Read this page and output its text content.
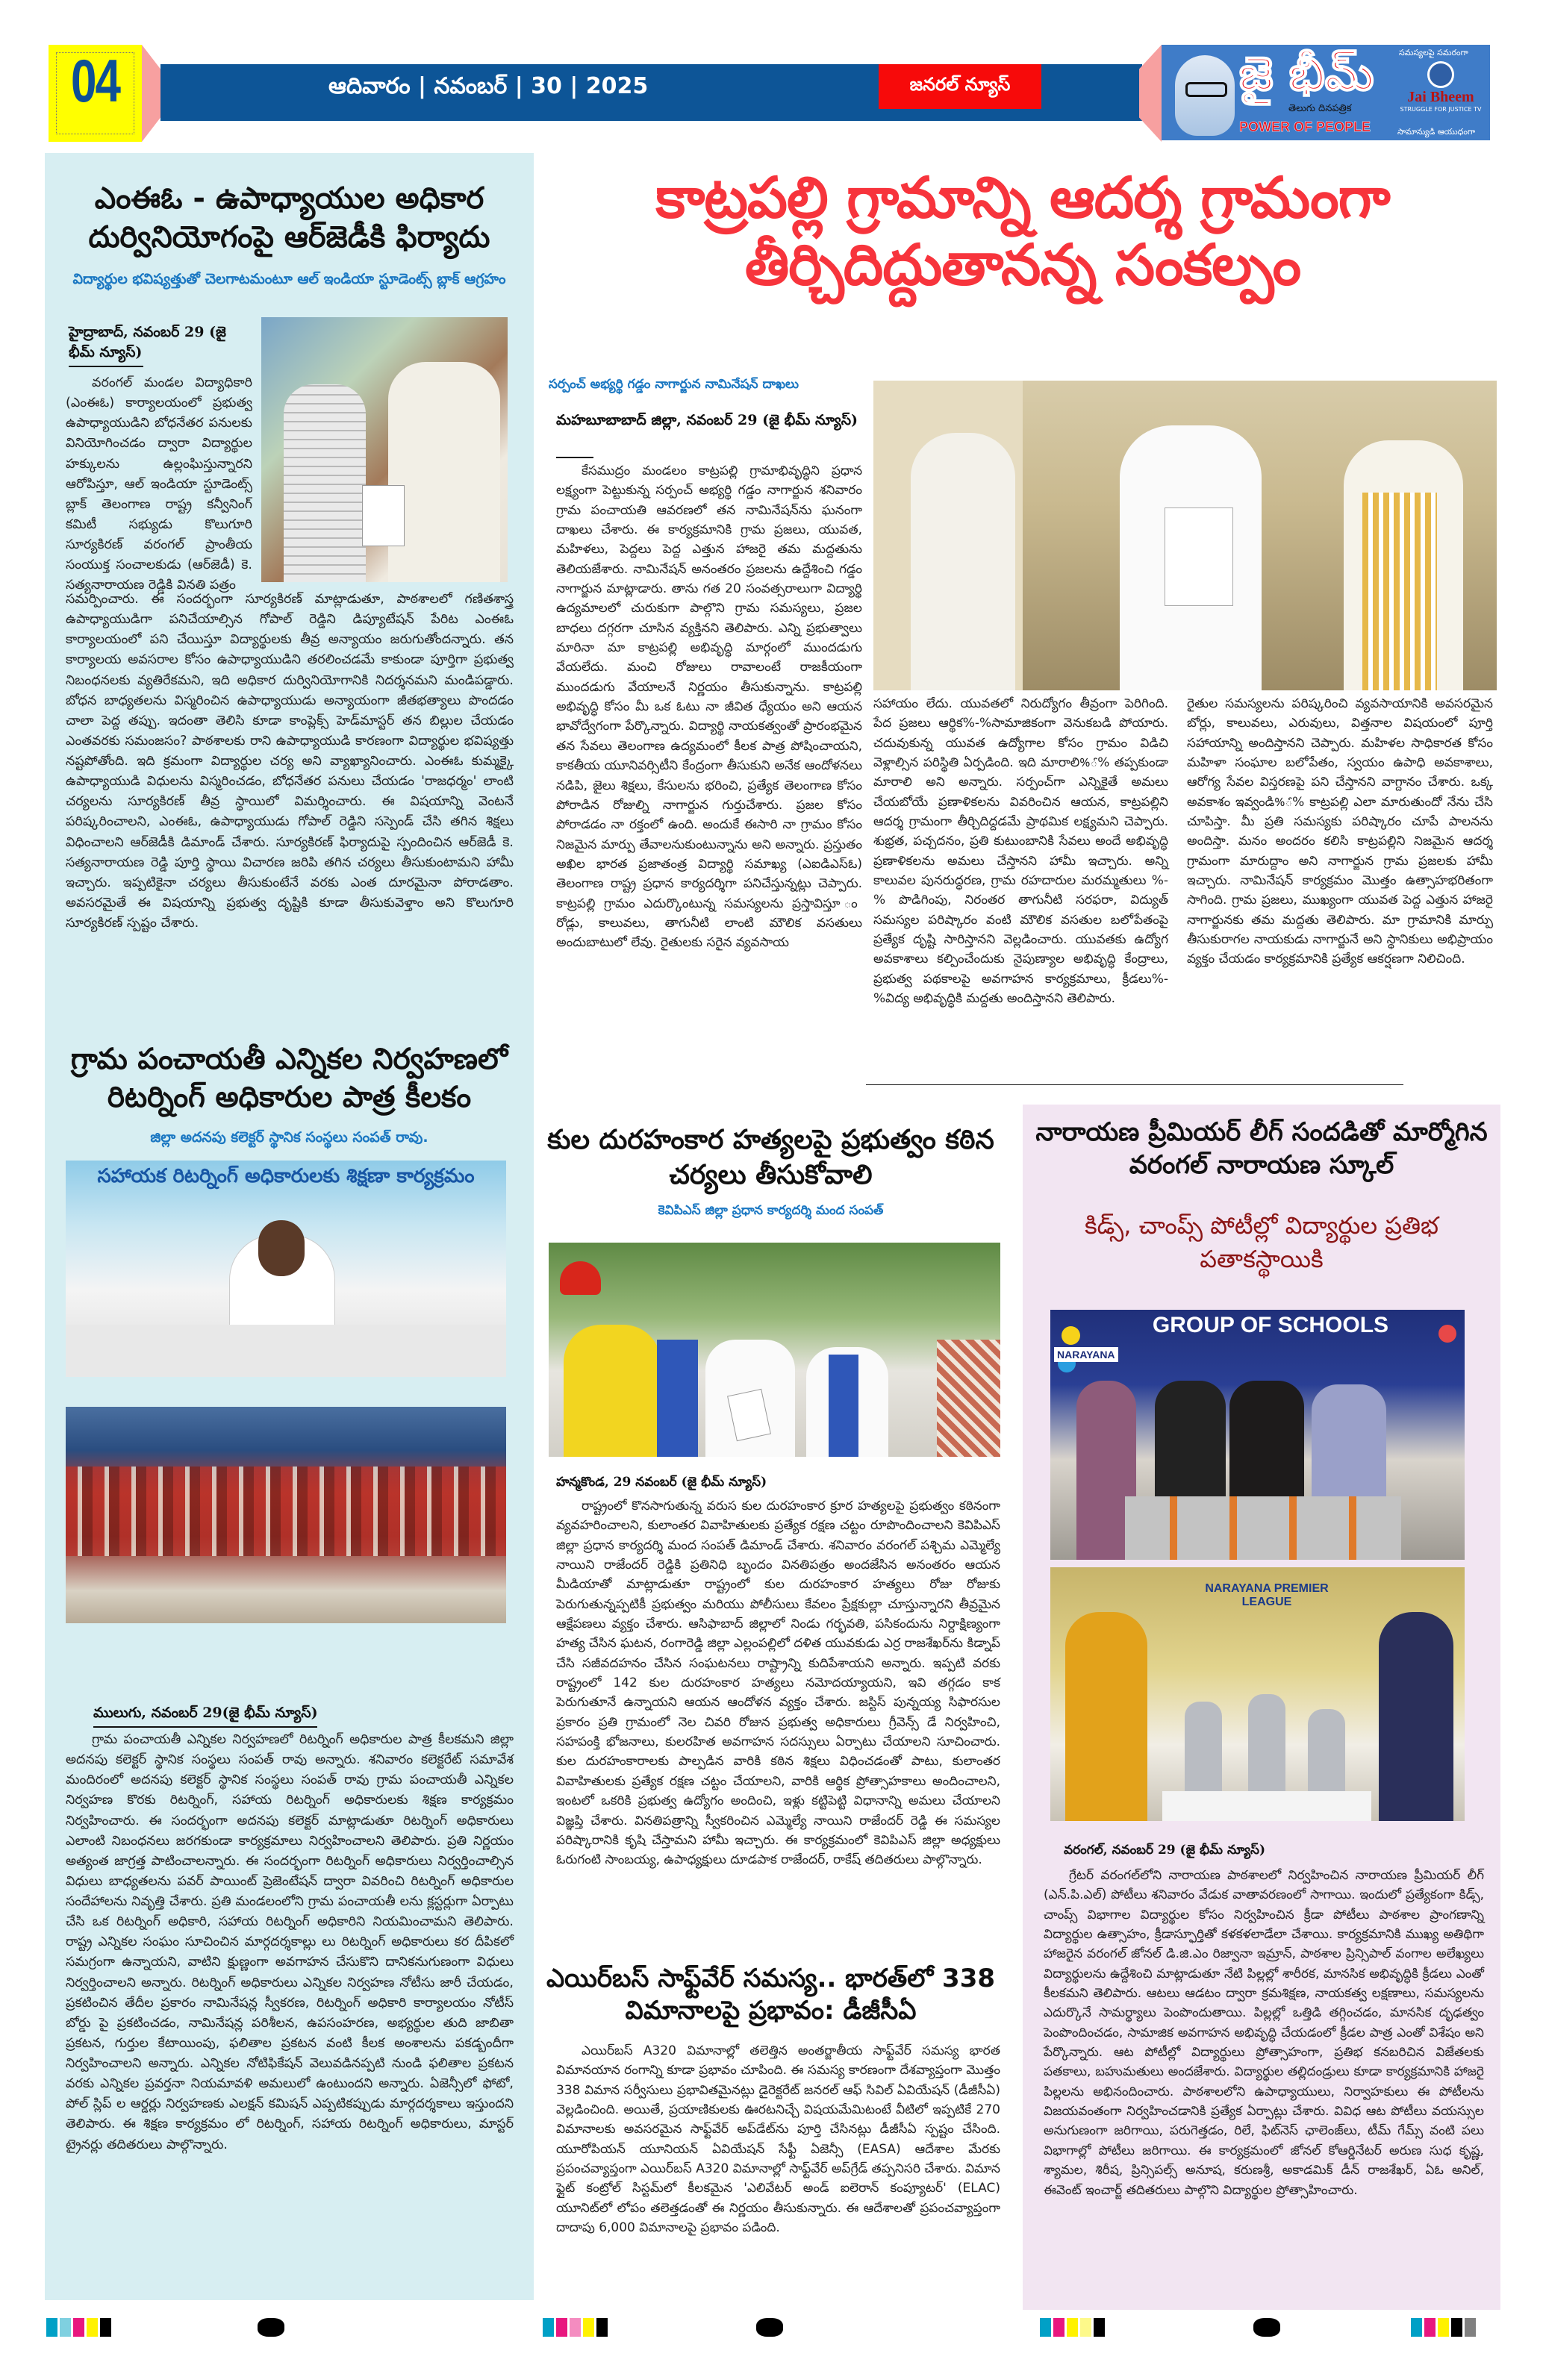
04	ఆదివారం | నవంబర్ | 30 | 2025	జనరల్ న్యూస్	జై భీమ్
తెలుగు దినపత్రిక
POWER OF PEOPLE
సమస్యలపై సమరంగా
Jai Bheem
STRUGGLE FOR JUSTICE TV
సామాన్యుడి ఆయుధంగా
ఎంఈఓ - ఉపాధ్యాయుల అధికార దుర్వినియోగంపై ఆర్‌జెడీకి ఫిర్యాదు
విద్యార్థుల భవిష్యత్తుతో చెలగాటమంటూ ఆల్ ఇండియా స్టూడెంట్స్ బ్లాక్ ఆగ్రహం
హైద్రాబాద్, నవంబర్ 29 (జై భీమ్ న్యూస్)

వరంగల్ మండల విద్యాధికారి (ఎంఈఓ) కార్యాలయంలో ప్రభుత్వ ఉపాధ్యాయుడిని బోధనేతర పనులకు వినియోగించడం ద్వారా విద్యార్థుల హక్కులను ఉల్లంఘిస్తున్నారని ఆరోపిస్తూ, ఆల్ ఇండియా స్టూడెంట్స్ బ్లాక్ తెలంగాణ రాష్ట్ర కన్వీనింగ్ కమిటీ సభ్యుడు కొలుగూరి సూర్యకిరణ్ వరంగల్ ప్రాంతీయ సంయుక్త సంచాలకుడు (ఆర్‌జెడీ) కె. సత్యనారాయణ రెడ్డికి వినతి పత్రం

సమర్పించారు. ఈ సందర్భంగా సూర్యకిరణ్ మాట్లాడుతూ, పాఠశాలలో గణితశాస్త్ర ఉపాధ్యాయుడిగా పనిచేయాల్సిన గోపాల్ రెడ్డిని డిప్యూటేషన్ పేరిట ఎంఈఓ కార్యాలయంలో పని చేయిస్తూ విద్యార్థులకు తీవ్ర అన్యాయం జరుగుతోందన్నారు. తన కార్యాలయ అవసరాల కోసం ఉపాధ్యాయుడిని తరలించడమే కాకుండా పూర్తిగా ప్రభుత్వ నిబంధనలకు వ్యతిరేకమని, ఇది అధికార దుర్వినియోగానికి నిదర్శనమని మండిపడ్డారు. బోధన బాధ్యతలను విస్మరించిన ఉపాధ్యాయుడు అన్యాయంగా జీతభత్యాలు పొందడం చాలా పెద్ద తప్పు. ఇదంతా తెలిసి కూడా కాంప్లెక్స్ హెడ్‌మాస్టర్ తన బిల్లుల చేయడం ఎంతవరకు సమంజసం? పాఠశాలకు రాని ఉపాధ్యాయుడి కారణంగా విద్యార్థుల భవిష్యత్తు నష్టపోతోంది. ఇది క్రమంగా విద్యార్థుల చర్య అని వ్యాఖ్యానించారు. ఎంఈఓ కుమ్మక్కై ఉపాధ్యాయుడి విధులను విస్మరించడం, బోధనేతర పనులు చేయడం 'రాజధర్మం' లాంటి చర్యలను సూర్యకిరణ్ తీవ్ర స్థాయిలో విమర్శించారు. ఈ విషయాన్ని వెంటనే పరిష్కరించాలని, ఎంఈఓ, ఉపాధ్యాయుడు గోపాల్ రెడ్డిని సస్పెండ్ చేసి తగిన శిక్షలు విధించాలని ఆర్‌జెడీకి డిమాండ్ చేశారు. సూర్యకిరణ్ ఫిర్యాదుపై స్పందించిన ఆర్‌జెడీ కె. సత్యనారాయణ రెడ్డి పూర్తి స్థాయి విచారణ జరిపి తగిన చర్యలు తీసుకుంటామని హామీ ఇచ్చారు. ఇప్పటికైనా చర్యలు తీసుకుంటేనే వరకు ఎంత దూరమైనా పోరాడతాం. అవసరమైతే ఈ విషయాన్ని ప్రభుత్వ దృష్టికి కూడా తీసుకువెళ్తాం అని కొలుగూరి సూర్యకిరణ్ స్పష్టం చేశారు.

గ్రామ పంచాయతీ ఎన్నికల నిర్వహణలో రిటర్నింగ్ అధికారుల పాత్ర కీలకం
జిల్లా అదనపు కలెక్టర్ స్థానిక సంస్థలు సంపత్ రావు.
సహాయక రిటర్నింగ్ అధికారులకు శిక్షణా కార్యక్రమం
ములుగు, నవంబర్ 29(జై భీమ్ న్యూస్)

గ్రామ పంచాయతీ ఎన్నికల నిర్వహణలో రిటర్నింగ్ అధికారుల పాత్ర కీలకమని జిల్లా అదనపు కలెక్టర్ స్థానిక సంస్థలు సంపత్ రావు అన్నారు. శనివారం కలెక్టరేట్ సమావేశ మందిరంలో అదనపు కలెక్టర్ స్థానిక సంస్థలు సంపత్ రావు గ్రామ పంచాయతీ ఎన్నికల నిర్వహణ కొరకు రిటర్నింగ్, సహాయ రిటర్నింగ్ అధికారులకు శిక్షణ కార్యక్రమం నిర్వహించారు. ఈ సందర్భంగా అదనపు కలెక్టర్ మాట్లాడుతూ రిటర్నింగ్ అధికారులు ఎలాంటి నిబంధనలు జరగకుండా కార్యక్రమాలు నిర్వహించాలని తెలిపారు. ప్రతి నిర్ణయం అత్యంత జాగ్రత్త పాటించాలన్నారు. ఈ సందర్భంగా రిటర్నింగ్ అధికారులు నిర్వర్తించాల్సిన విధులు బాధ్యతలను పవర్ పాయింట్ ప్రెజెంటేషన్ ద్వారా వివరించి రిటర్నింగ్ అధికారుల సందేహాలను నివృత్తి చేశారు. ప్రతి మండలంలోని గ్రామ పంచాయతీ లను క్లస్టర్లుగా ఏర్పాటు చేసి ఒక రిటర్నింగ్ అధికారి, సహాయ రిటర్నింగ్ అధికారిని నియమించామని తెలిపారు. రాష్ట్ర ఎన్నికల సంఘం సూచించిన మార్గదర్శకాల్లు లు రిటర్నింగ్ అధికారులు కర దీపికలో సమగ్రంగా ఉన్నాయని, వాటిని క్షుణ్ణంగా అవగాహన చేసుకొని దానికనుగుణంగా విధులు నిర్వర్తించాలని అన్నారు. రిటర్నింగ్ అధికారులు ఎన్నికల నిర్వహణ నోటీసు జారీ చేయడం, ప్రకటించిన తేదీల ప్రకారం నామినేషన్ల స్వీకరణ, రిటర్నింగ్ అధికారి కార్యాలయం నోటీస్ బోర్డు పై ప్రకటించడం, నామినేషన్ల పరిశీలన, ఉపసంహరణ, అభ్యర్థుల తుది జాబితా ప్రకటన, గుర్తుల కేటాయింపు, ఫలితాల ప్రకటన వంటి కీలక అంశాలను పకడ్బందీగా నిర్వహించాలని అన్నారు. ఎన్నికల నోటిఫికేషన్ వెలువడినప్పటి నుండి ఫలితాల ప్రకటన వరకు ఎన్నికల ప్రవర్తనా నియమావళి అమలులో ఉంటుందని అన్నారు. ఏజెన్సీలో ఫోటో, పోల్ స్లిప్ ల ఆర్డర్లు నిర్వహణకు ఎలక్షన్ కమిషన్ ఎప్పటికప్పుడు మార్గదర్శకాలు ఇస్తుందని తెలిపారు. ఈ శిక్షణ కార్యక్రమం లో రిటర్నింగ్, సహాయ రిటర్నింగ్ అధికారులు, మాస్టర్ ట్రైనర్లు తదితరులు పాల్గొన్నారు.

కాట్రపల్లి గ్రామాన్ని ఆదర్శ గ్రామంగా తీర్చిదిద్దుతానన్న సంకల్పం
సర్పంచ్ అభ్యర్థి గడ్డం నాగార్జున నామినేషన్ దాఖలు
మహబూబాబాద్ జిల్లా, నవంబర్ 29 (జై భీమ్ న్యూస్)

కేసముద్రం మండలం కాట్రపల్లి గ్రామాభివృద్ధిని ప్రధాన లక్ష్యంగా పెట్టుకున్న సర్పంచ్ అభ్యర్థి గడ్డం నాగార్జున శనివారం గ్రామ పంచాయతి ఆవరణలో తన నామినేషన్‌ను ఘనంగా దాఖలు చేశారు. ఈ కార్యక్రమానికి గ్రామ ప్రజలు, యువత, మహిళలు, పెద్దలు పెద్ద ఎత్తున హాజరై తమ మద్దతును తెలియజేశారు. నామినేషన్ అనంతరం ప్రజలను ఉద్దేశించి గడ్డం నాగార్జున మాట్లాడారు. తాను గత 20 సంవత్సరాలుగా విద్యార్థి ఉద్యమాలలో చురుకుగా పాల్గొని గ్రామ సమస్యలు, ప్రజల బాధలు దగ్గరగా చూసిన వ్యక్తినని తెలిపారు. ఎన్ని ప్రభుత్వాలు మారినా మా కాట్రపల్లి అభివృద్ధి మార్గంలో ముందడుగు వేయలేదు. మంచి రోజులు రావాలంటే రాజకీయంగా ముందడుగు వేయాలనే నిర్ణయం తీసుకున్నాను. కాట్రపల్లి అభివృద్ధి కోసం మీ ఒక ఓటు నా జీవిత ధ్యేయం అని ఆయన భావోద్వేగంగా పేర్కొన్నారు. విద్యార్థి నాయకత్వంతో ప్రారంభమైన తన సేవలు తెలంగాణ ఉద్యమంలో కీలక పాత్ర పోషించాయని, కాకతీయ యూనివర్సిటీని కేంద్రంగా తీసుకుని అనేక ఆందోళనలు నడిపి, జైలు శిక్షలు, కేసులను భరించి, ప్రత్యేక తెలంగాణ కోసం పోరాడిన రోజుల్ని నాగార్జున గుర్తుచేశారు. ప్రజల కోసం పోరాడడం నా రక్తంలో ఉంది. అందుకే ఈసారి నా గ్రామం కోసం నిజమైన మార్పు తేవాలనుకుంటున్నాను అని అన్నారు. ప్రస్తుతం అఖిల భారత ప్రజాతంత్ర విద్యార్థి సమాఖ్య (ఎఐడిఎస్ఓ) తెలంగాణ రాష్ట్ర ప్రధాన కార్యదర్శిగా పనిచేస్తున్నట్లు చెప్పారు. కాట్రపల్లి గ్రామం ఎదుర్కొంటున్న సమస్యలను ప్రస్తావిస్తూ ం రోడ్లు, కాలువలు, తాగునీటి లాంటి మౌలిక వసతులు అందుబాటులో లేవు. రైతులకు సరైన వ్యవసాయ

సహాయం లేదు. యువతలో నిరుద్యోగం తీవ్రంగా పెరిగింది. పేద ప్రజలు ఆర్థిక%-%సామాజికంగా వెనుకబడి పోయారు. చదువుకున్న యువత ఉద్యోగాల కోసం గ్రామం విడిచి వెళ్లాల్సిన పరిస్థితి ఏర్పడింది. ఇది మారాలి%ౕ% తప్పకుండా మారాలి అని అన్నారు. సర్పంచ్‌గా ఎన్నికైతే అమలు చేయబోయే ప్రణాళికలను వివరించిన ఆయన, కాట్రపల్లిని ఆదర్శ గ్రామంగా తీర్చిదిద్దడమే ప్రాథమిక లక్ష్యమని చెప్పారు. శుభ్రత, పచ్చదనం, ప్రతి కుటుంబానికి సేవలు అందే అభివృద్ధి ప్రణాళికలను అమలు చేస్తానని హామీ ఇచ్చారు. అన్ని కాలువల పునరుద్ధరణ, గ్రామ రహదారుల మరమ్మతులు %-% పొడిగింపు, నిరంతర తాగునీటి సరఫరా, విద్యుత్ సమస్యల పరిష్కారం వంటి మౌలిక వసతుల బలోపేతంపై ప్రత్యేక దృష్టి సారిస్తానని వెల్లడించారు. యువతకు ఉద్యోగ అవకాశాలు కల్పించేందుకు నైపుణ్యాల అభివృద్ధి కేంద్రాలు, ప్రభుత్వ పథకాలపై అవగాహన కార్యక్రమాలు, క్రీడలు%-%విద్య అభివృద్ధికి మద్దతు అందిస్తానని తెలిపారు.

రైతుల సమస్యలను పరిష్కరించి వ్యవసాయానికి అవసరమైన బోర్లు, కాలువలు, ఎరువులు, విత్తనాల విషయంలో పూర్తి సహాయాన్ని అందిస్తానని చెప్పారు. మహిళల సాధికారత కోసం మహిళా సంఘాల బలోపేతం, స్వయం ఉపాధి అవకాశాలు, ఆరోగ్య సేవల విస్తరణపై పని చేస్తానని వాగ్దానం చేశారు. ఒక్క అవకాశం ఇవ్వండి%ౕ% కాట్రపల్లి ఎలా మారుతుందో నేను చేసి చూపిస్తా. మీ ప్రతి సమస్యకు పరిష్కారం చూపే పాలనను అందిస్తా. మనం అందరం కలిసి కాట్రపల్లిని నిజమైన ఆదర్శ గ్రామంగా మారుద్దాం అని నాగార్జున గ్రామ ప్రజలకు హామీ ఇచ్చారు. నామినేషన్ కార్యక్రమం మొత్తం ఉత్సాహభరితంగా సాగింది. గ్రామ ప్రజలు, ముఖ్యంగా యువత పెద్ద ఎత్తున హాజరై నాగార్జునకు తమ మద్దతు తెలిపారు. మా గ్రామానికి మార్పు తీసుకురాగల నాయకుడు నాగార్జునే అని స్థానికులు అభిప్రాయం వ్యక్తం చేయడం కార్యక్రమానికి ప్రత్యేక ఆకర్షణగా నిలిచింది.

కుల దురహంకార హత్యలపై ప్రభుత్వం కఠిన చర్యలు తీసుకోవాలి
కెవిపిఎస్ జిల్లా ప్రధాన కార్యదర్శి మంద సంపత్
హన్మకొండ, 29 నవంబర్ (జై భీమ్ న్యూస్)

రాష్ట్రంలో కొనసాగుతున్న వరుస కుల దురహంకార క్రూర హత్యలపై ప్రభుత్వం కఠినంగా వ్యవహరించాలని, కులాంతర వివాహితులకు ప్రత్యేక రక్షణ చట్టం రూపొందించాలని కెవిపిఎస్ జిల్లా ప్రధాన కార్యదర్శి మంద సంపత్ డిమాండ్ చేశారు. శనివారం వరంగల్ పశ్చిమ ఎమ్మెల్యే నాయిని రాజేందర్ రెడ్డికి ప్రతినిధి బృందం వినతిపత్రం అందజేసిన అనంతరం ఆయన మీడియాతో మాట్లాడుతూ రాష్ట్రంలో కుల దురహంకార హత్యలు రోజు రోజుకు పెరుగుతున్నప్పటికీ ప్రభుత్వం మరియు పోలీసులు కేవలం ప్రేక్షకుల్లా చూస్తున్నారని తీవ్రమైన ఆక్షేపణలు వ్యక్తం చేశారు. ఆసిఫాబాద్ జిల్లాలో నిండు గర్భవతి, పసికందును నిర్దాక్షిణ్యంగా హత్య చేసిన ఘటన, రంగారెడ్డి జిల్లా ఎల్లంపల్లిలో దళిత యువకుడు ఎర్ర రాజశేఖర్‌ను కిడ్నాప్ చేసి సజీవదహనం చేసిన సంఘటనలు రాష్ట్రాన్ని కుదిపేశాయని అన్నారు. ఇప్పటి వరకు రాష్ట్రంలో 142 కుల దురహంకార హత్యలు నమోదయ్యాయని, ఇవి తగ్గడం కాక పెరుగుతూనే ఉన్నాయని ఆయన ఆందోళన వ్యక్తం చేశారు. జస్టిస్ పున్నయ్య సిఫారసుల ప్రకారం ప్రతి గ్రామంలో నెల చివరి రోజున ప్రభుత్వ అధికారులు గ్రీవెన్స్ డే నిర్వహించి, సహపంక్తి భోజనాలు, కులరహిత అవగాహన సదస్సులు ఏర్పాటు చేయాలని సూచించారు. కుల దురహంకారాలకు పాల్పడిన వారికి కఠిన శిక్షలు విధించడంతో పాటు, కులాంతర వివాహితులకు ప్రత్యేక రక్షణ చట్టం చేయాలని, వారికి ఆర్థిక ప్రోత్సాహకాలు అందించాలని, ఇంటలో ఒకరికి ప్రభుత్వ ఉద్యోగం అందించి, ఇళ్లు కట్టిపెట్టి విధానాన్ని అమలు చేయాలని విజ్ఞప్తి చేశారు. వినతిపత్రాన్ని స్వీకరించిన ఎమ్మెల్యే నాయిని రాజేందర్ రెడ్డి ఈ సమస్యల పరిష్కారానికి కృషి చేస్తామని హామీ ఇచ్చారు. ఈ కార్యక్రమంలో కెవిపిఎస్ జిల్లా అధ్యక్షులు ఓరుగంటి సాంబయ్య, ఉపాధ్యక్షులు దూడపాక రాజేందర్, రాకేష్ తదితరులు పాల్గొన్నారు.

ఎయిర్‌బస్ సాఫ్ట్‌వేర్ సమస్య.. భారత్‌లో 338 విమానాలపై ప్రభావం: డీజీసీఏ

ఎయిర్‌బస్ A320 విమానాల్లో తలెత్తిన అంతర్జాతీయ సాఫ్ట్‌వేర్ సమస్య భారత విమానయాన రంగాన్ని కూడా ప్రభావం చూపింది. ఈ సమస్య కారణంగా దేశవ్యాప్తంగా మొత్తం 338 విమాన సర్వీసులు ప్రభావితమైనట్లు డైరెక్టరేట్ జనరల్ ఆఫ్ సివిల్ ఏవియేషన్ (డీజీసీఏ) వెల్లడించింది. అయితే, ప్రయాణికులకు ఊరటనిచ్చే విషయమేమిటంటే వీటిలో ఇప్పటికే 270 విమానాలకు అవసరమైన సాఫ్ట్‌వేర్ అప్‌డేట్‌ను పూర్తి చేసినట్లు డీజీసీఏ స్పష్టం చేసింది. యూరోపియన్ యూనియన్ ఏవియేషన్ సేఫ్టీ ఏజెన్సీ (EASA) ఆదేశాల మేరకు ప్రపంచవ్యాప్తంగా ఎయిర్‌బస్ A320 విమానాల్లో సాఫ్ట్‌వేర్ అప్‌గ్రేడ్ తప్పనిసరి చేశారు. విమాన ఫ్లైట్ కంట్రోల్ సిస్టమ్‌లో కీలకమైన 'ఎలివేటర్ అండ్ ఐలెరాన్ కంప్యూటర్' (ELAC) యూనిట్‌లో లోపం తలెత్తడంతో ఈ నిర్ణయం తీసుకున్నారు. ఈ ఆదేశాలతో ప్రపంచవ్యాప్తంగా దాదాపు 6,000 విమానాలపై ప్రభావం పడింది.

నారాయణ ప్రీమియర్ లీగ్ సందడితో మార్మోగిన వరంగల్ నారాయణ స్కూల్
కిడ్స్, చాంప్స్ పోటీల్లో విద్యార్థుల ప్రతిభ పతాకస్థాయికి
NARAYANA
GROUP OF SCHOOLS
NARAYANA PREMIER LEAGUE
వరంగల్, నవంబర్ 29 (జై భీమ్ న్యూస్)

గ్రేటర్ వరంగల్‌లోని నారాయణ పాఠశాలలో నిర్వహించిన నారాయణ ప్రీమియర్ లీగ్ (ఎన్.పి.ఎల్) పోటీలు శనివారం వేడుక వాతావరణంలో సాగాయి. ఇందులో ప్రత్యేకంగా కిడ్స్, చాంప్స్ విభాగాల విద్యార్థుల కోసం నిర్వహించిన క్రీడా పోటీలు పాఠశాల ప్రాంగణాన్ని విద్యార్థుల ఉత్సాహం, క్రీడాస్ఫూర్తితో కళకళలాడేలా చేశాయి. కార్యక్రమానికి ముఖ్య అతిథిగా హాజరైన వరంగల్ జోనల్ డి.జి.ఎం రిజ్వానా ఇమ్రాన్, పాఠశాల ప్రిన్సిపాల్ వంగాల అలేఖ్యలు విద్యార్థులను ఉద్దేశించి మాట్లాడుతూ నేటి పిల్లల్లో శారీరక, మానసిక అభివృద్ధికి క్రీడలు ఎంతో కీలకమని తెలిపారు. ఆటలు ఆడటం ద్వారా క్రమశిక్షణ, నాయకత్వ లక్షణాలు, సమస్యలను ఎదుర్కొనే సామర్థ్యాలు పెంపొందుతాయి. పిల్లల్లో ఒత్తిడి తగ్గించడం, మానసిక దృఢత్వం పెంపొందించడం, సామాజిక అవగాహన అభివృద్ధి చేయడంలో క్రీడల పాత్ర ఎంతో విశేషం అని పేర్కొన్నారు. ఆట పోటీల్లో విద్యార్థులు ప్రోత్సాహంగా, ప్రతిభ కనబరిచిన విజేతలకు పతకాలు, బహుమతులు అందజేశారు. విద్యార్థుల తల్లిదండ్రులు కూడా కార్యక్రమానికి హాజరై పిల్లలను అభినందించారు. పాఠశాలలోని ఉపాధ్యాయులు, నిర్వాహకులు ఈ పోటీలను విజయవంతంగా నిర్వహించడానికి ప్రత్యేక ఏర్పాట్లు చేశారు. వివిధ ఆట పోటీలు వయస్సుల అనుగుణంగా జరిగాయి, పరుగెత్తడం, రిలే, ఫిట్‌నెస్ ఛాలెంజ్‌లు, టీమ్ గేమ్స్ వంటి పలు విభాగాల్లో పోటీలు జరిగాయి. ఈ కార్యక్రమంలో జోనల్ కోఆర్డినేటర్ అరుణ సుధ కృష్ణ, శ్యామల, శిరీష, ప్రిన్సిపల్స్ అనూష, కరుణశ్రీ, అకాడమిక్ డీన్ రాజశేఖర్, ఏఓ అనిల్, ఈవెంట్ ఇంచార్జ్ తదితరులు పాల్గొని విద్యార్థుల ప్రోత్సాహించారు.
